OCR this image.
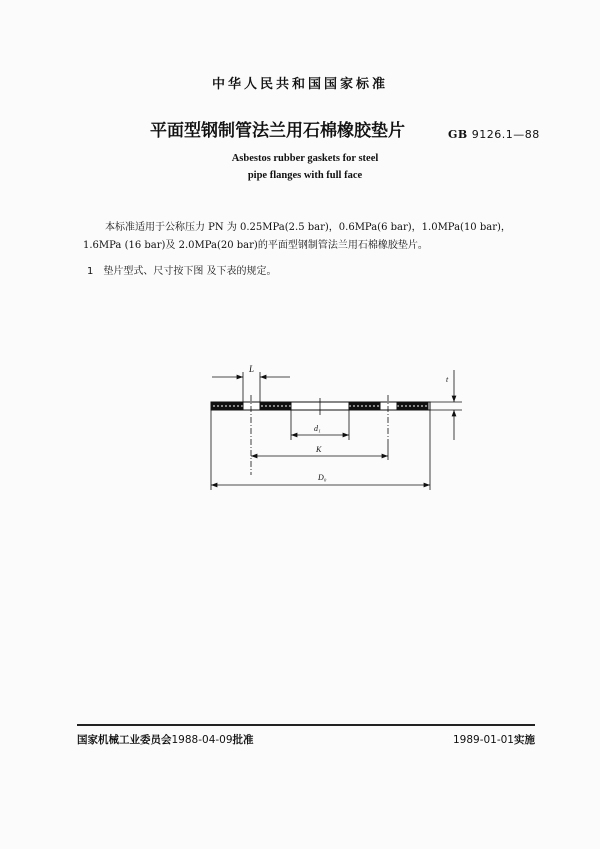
中华人民共和国国家标准
平面型钢制管法兰用石棉橡胶垫片	GB 9126.1—88
Asbestos rubber gaskets for steel
pipe flanges with full face
本标准适用于公称压力 PN 为 0.25MPa(2.5 bar)，0.6MPa(6 bar)，1.0MPa(10 bar)，1.6MPa (16 bar)及 2.0MPa(20 bar)的平面型钢制管法兰用石棉橡胶垫片。
1 垫片型式、尺寸按下图 及下表的规定。
L
t
d₁
K
D₀
国家机械工业委员会1988-04-09批准	1989-01-01实施
